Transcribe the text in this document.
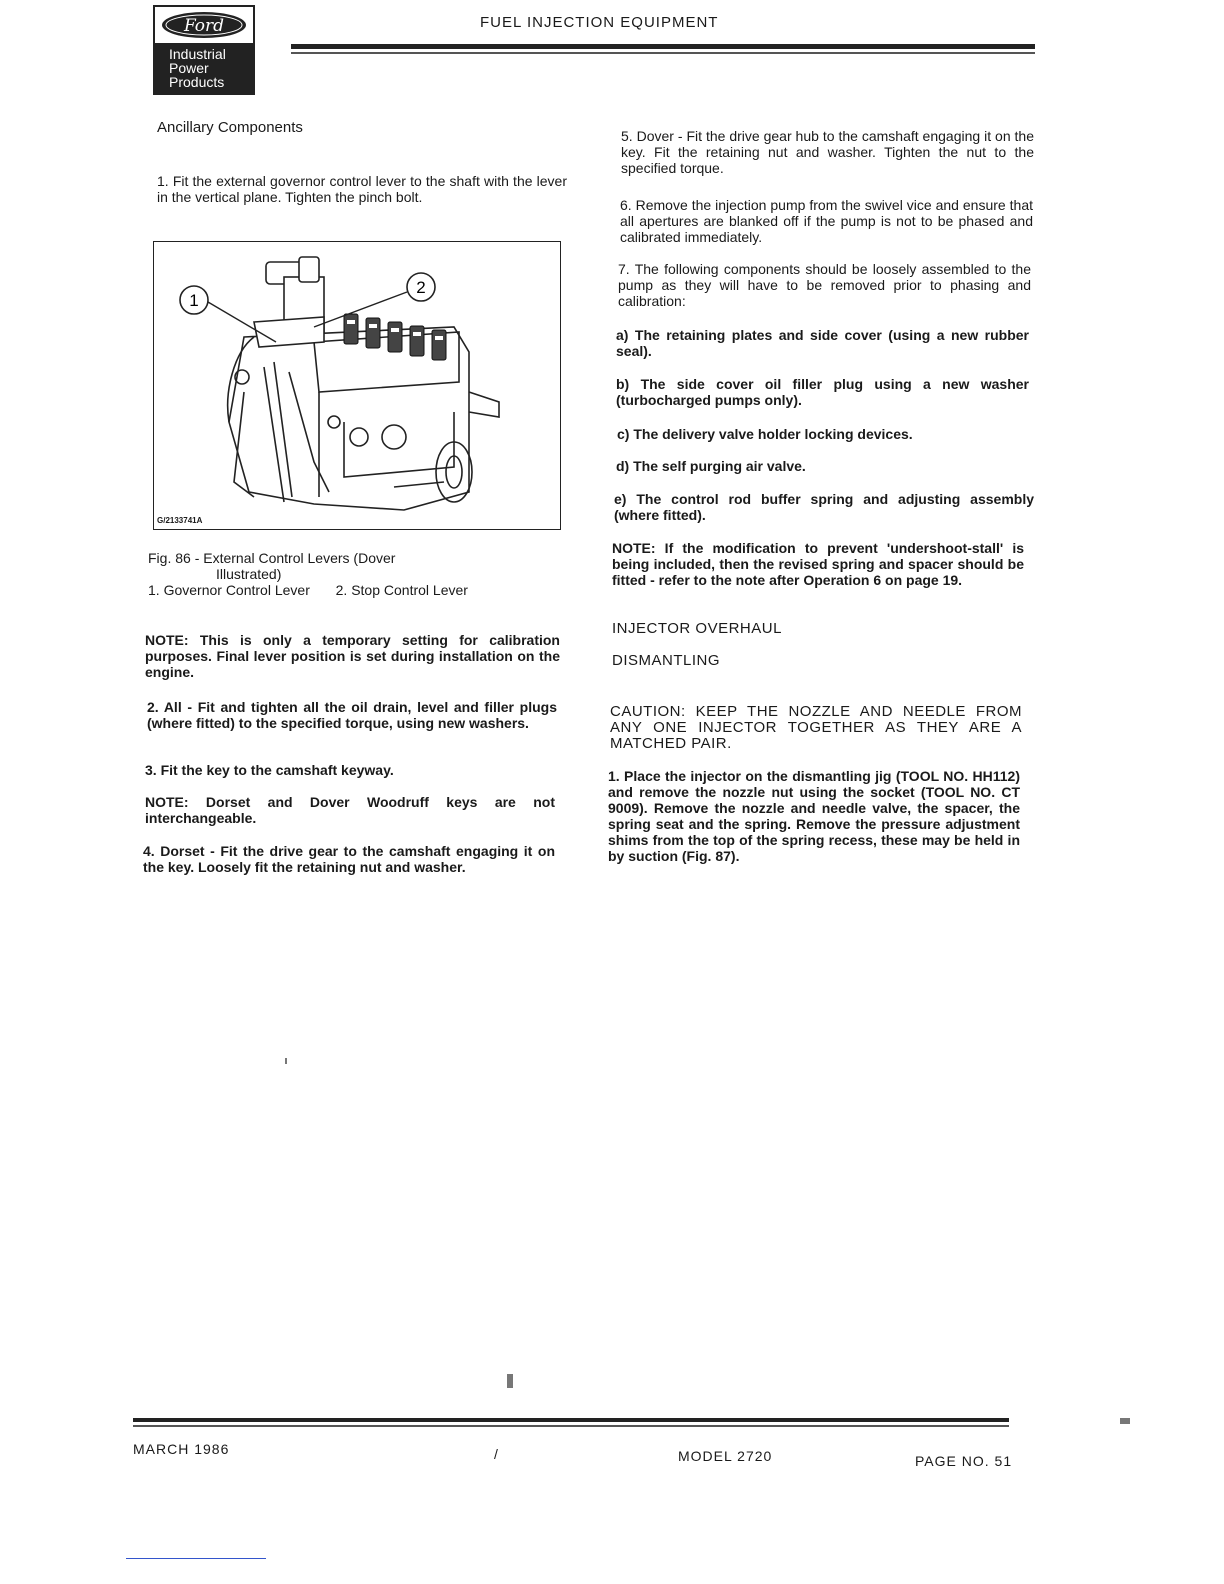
Ford
Industrial
Power
Products
FUEL INJECTION EQUIPMENT
Ancillary Components
1. Fit the external governor control lever to the shaft with the lever in the vertical plane. Tighten the pinch bolt.
1
2
G/2133741A
Fig. 86 - External Control Levers (Dover
Illustrated)
1. Governor Control Lever 2. Stop Control Lever
NOTE: This is only a temporary setting for calibration purposes. Final lever position is set during installation on the engine.
2. All - Fit and tighten all the oil drain, level and filler plugs (where fitted) to the specified torque, using new washers.
3. Fit the key to the camshaft keyway.
NOTE: Dorset and Dover Woodruff keys are not interchangeable.
4. Dorset - Fit the drive gear to the camshaft engaging it on the key. Loosely fit the retaining nut and washer.
5. Dover - Fit the drive gear hub to the camshaft engaging it on the key. Fit the retaining nut and washer. Tighten the nut to the specified torque.
6. Remove the injection pump from the swivel vice and ensure that all apertures are blanked off if the pump is not to be phased and calibrated immediately.
7. The following components should be loosely assembled to the pump as they will have to be removed prior to phasing and calibration:
a) The retaining plates and side cover (using a new rubber seal).
b) The side cover oil filler plug using a new washer (turbocharged pumps only).
c) The delivery valve holder locking devices.
d) The self purging air valve.
e) The control rod buffer spring and adjusting assembly (where fitted).
NOTE: If the modification to prevent 'undershoot-stall' is being included, then the revised spring and spacer should be fitted - refer to the note after Operation 6 on page 19.
INJECTOR OVERHAUL
DISMANTLING
CAUTION: KEEP THE NOZZLE AND NEEDLE FROM ANY ONE INJECTOR TOGETHER AS THEY ARE A MATCHED PAIR.
1. Place the injector on the dismantling jig (TOOL NO. HH112) and remove the nozzle nut using the socket (TOOL NO. CT 9009). Remove the nozzle and needle valve, the spacer, the spring seat and the spring. Remove the pressure adjustment shims from the top of the spring recess, these may be held in by suction (Fig. 87).
MARCH 1986	/	MODEL 2720	PAGE NO. 51
